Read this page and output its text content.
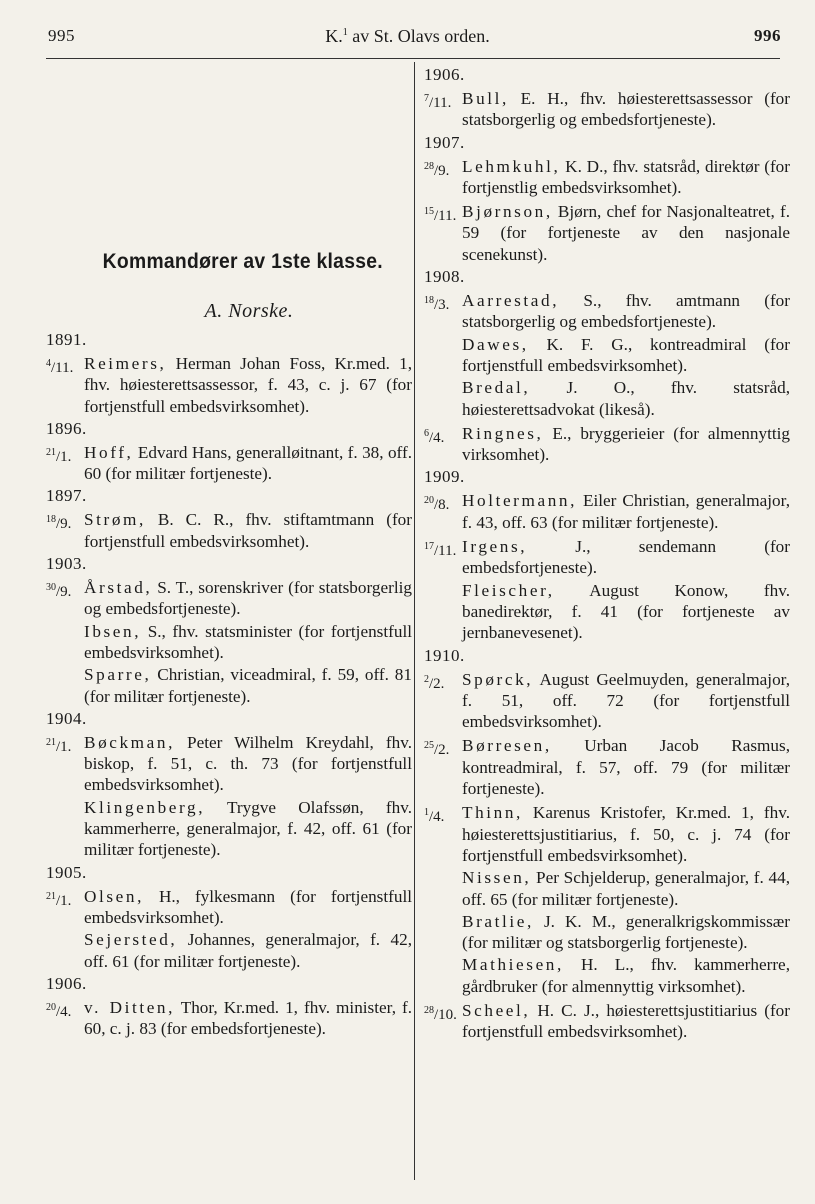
995	K.$^1$ av St. Olavs orden.	996
Kommandører av 1ste klasse.
A. Norske.
1891.
$^4$/11. Reimers, Herman Johan Foss, Kr.med. 1, fhv. høiesterettsassessor, f. 43, c. j. 67 (for fortjenstfull embedsvirksomhet).
1896.
$^{21}$/1. Hoff, Edvard Hans, generalløitnant, f. 38, off. 60 (for militær fortjeneste).
1897.
$^{18}$/9. Strøm, B. C. R., fhv. stiftamtmann (for fortjenstfull embedsvirksomhet).
1903.
$^{30}$/9. Årstad, S. T., sorenskriver (for statsborgerlig og embedsfortjeneste).
Ibsen, S., fhv. statsminister (for fortjenstfull embedsvirksomhet).
Sparre, Christian, viceadmiral, f. 59, off. 81 (for militær fortjeneste).
1904.
$^{21}$/1. Bøckman, Peter Wilhelm Kreydahl, fhv. biskop, f. 51, c. th. 73 (for fortjenstfull embedsvirksomhet).
Klingenberg, Trygve Olafssøn, fhv. kammerherre, generalmajor, f. 42, off. 61 (for militær fortjeneste).
1905.
$^{21}$/1. Olsen, H., fylkesmann (for fortjenstfull embedsvirksomhet).
Sejersted, Johannes, generalmajor, f. 42, off. 61 (for militær fortjeneste).
1906.
$^{20}$/4. v. Ditten, Thor, Kr.med. 1, fhv. minister, f. 60, c. j. 83 (for embedsfortjeneste).
1906.
$^7$/11. Bull, E. H., fhv. høiesterettsassessor (for statsborgerlig og embedsfortjeneste).
1907.
$^{28}$/9. Lehmkuhl, K. D., fhv. statsråd, direktør (for fortjenstlig embedsvirksomhet).
$^{15}$/11. Bjørnson, Bjørn, chef for Nasjonalteatret, f. 59 (for fortjeneste av den nasjonale scenekunst).
1908.
$^{18}$/3. Aarrestad, S., fhv. amtmann (for statsborgerlig og embedsfortjeneste).
Dawes, K. F. G., kontreadmiral (for fortjenstfull embedsvirksomhet).
Bredal, J. O., fhv. statsråd, høiesterettsadvokat (likeså).
$^6$/4.	Ringnes, E., bryggerieier (for almennyttig virksomhet).
1909.
$^{20}$/8. Holtermann, Eiler Christian, generalmajor, f. 43, off. 63 (for militær fortjeneste).
$^{17}$/11. Irgens, J., sendemann (for embedsfortjeneste).
Fleischer, August Konow, fhv. banedirektør, f. 41 (for fortjeneste av jernbanevesenet).
1910.
$^2$/2.	Spørck, August Geelmuyden, generalmajor, f. 51, off. 72 (for fortjenstfull embedsvirksomhet).
$^{25}$/2. Børresen, Urban Jacob Rasmus, kontreadmiral, f. 57, off. 79 (for militær fortjeneste).
$^1$/4.	Thinn, Karenus Kristofer, Kr.med. 1, fhv. høiesterettsjustitiarius, f. 50, c. j. 74 (for fortjenstfull embedsvirksomhet).
Nissen, Per Schjelderup, generalmajor, f. 44, off. 65 (for militær fortjeneste).
Bratlie, J. K. M., generalkrigskommissær (for militær og statsborgerlig fortjeneste).
Mathiesen, H. L., fhv. kammerherre, gårdbruker (for almennyttig virksomhet).
$^{28}$/10. Scheel, H. C. J., høiesterettsjustitiarius (for fortjenstfull embedsvirksomhet).
